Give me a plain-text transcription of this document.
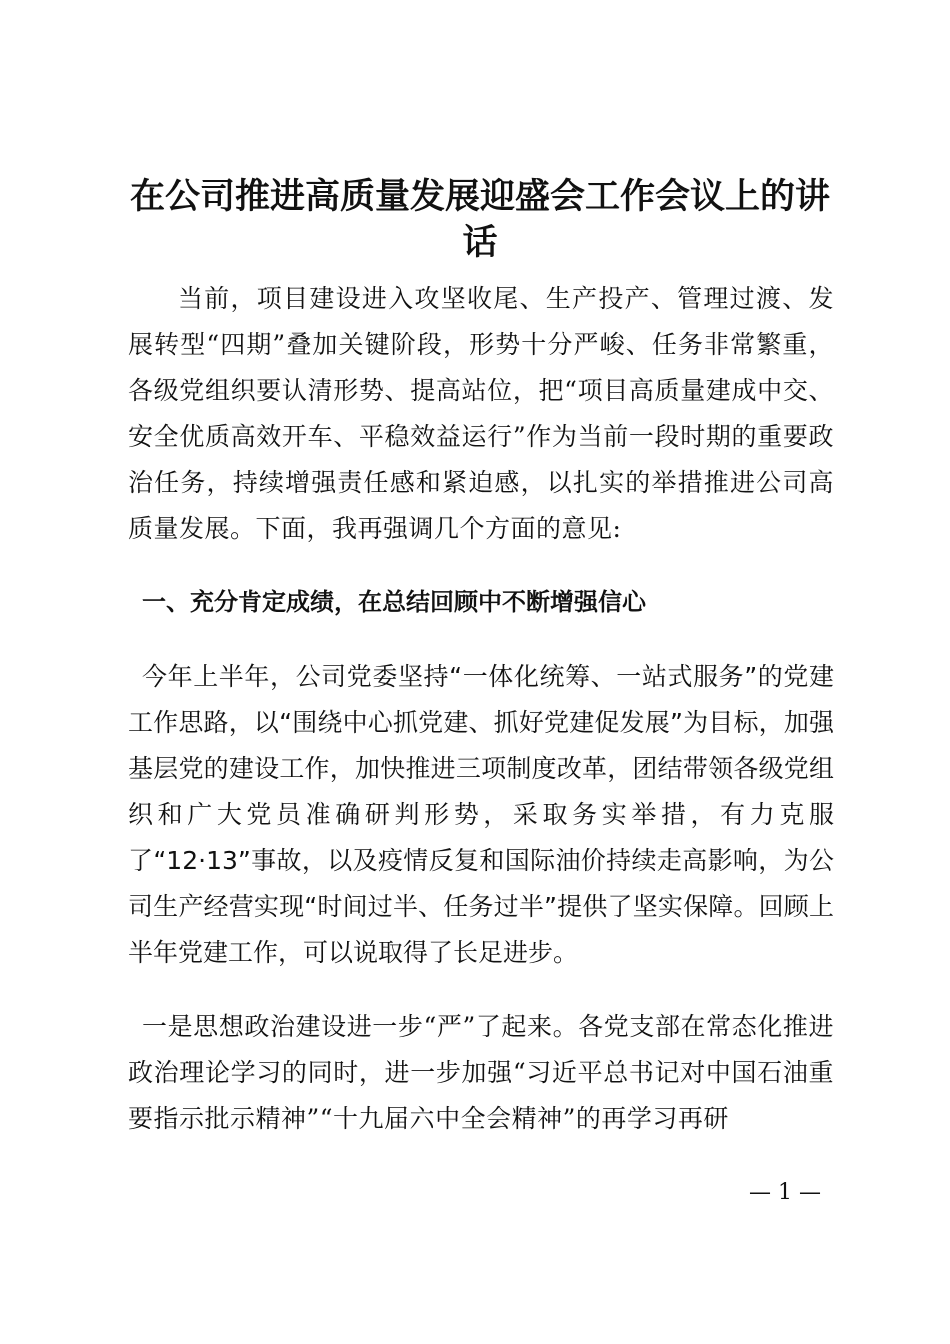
在公司推进高质量发展迎盛会工作会议上的讲话

当前，项目建设进入攻坚收尾、生产投产、管理过渡、发展转型“四期”叠加关键阶段，形势十分严峻、任务非常繁重，各级党组织要认清形势、提高站位，把“项目高质量建成中交、安全优质高效开车、平稳效益运行”作为当前一段时期的重要政治任务，持续增强责任感和紧迫感，以扎实的举措推进公司高质量发展。下面，我再强调几个方面的意见:

一、充分肯定成绩，在总结回顾中不断增强信心

今年上半年，公司党委坚持“一体化统筹、一站式服务”的党建工作思路，以“围绕中心抓党建、抓好党建促发展”为目标，加强基层党的建设工作，加快推进三项制度改革，团结带领各级党组织和广大党员准确研判形势，采取务实举措，有力克服了“12·13”事故，以及疫情反复和国际油价持续走高影响，为公司生产经营实现“时间过半、任务过半”提供了坚实保障。回顾上半年党建工作，可以说取得了长足进步。

一是思想政治建设进一步“严”了起来。各党支部在常态化推进政治理论学习的同时，进一步加强“习近平总书记对中国石油重要指示批示精神”“十九届六中全会精神”的再学习再研

— 1 —
